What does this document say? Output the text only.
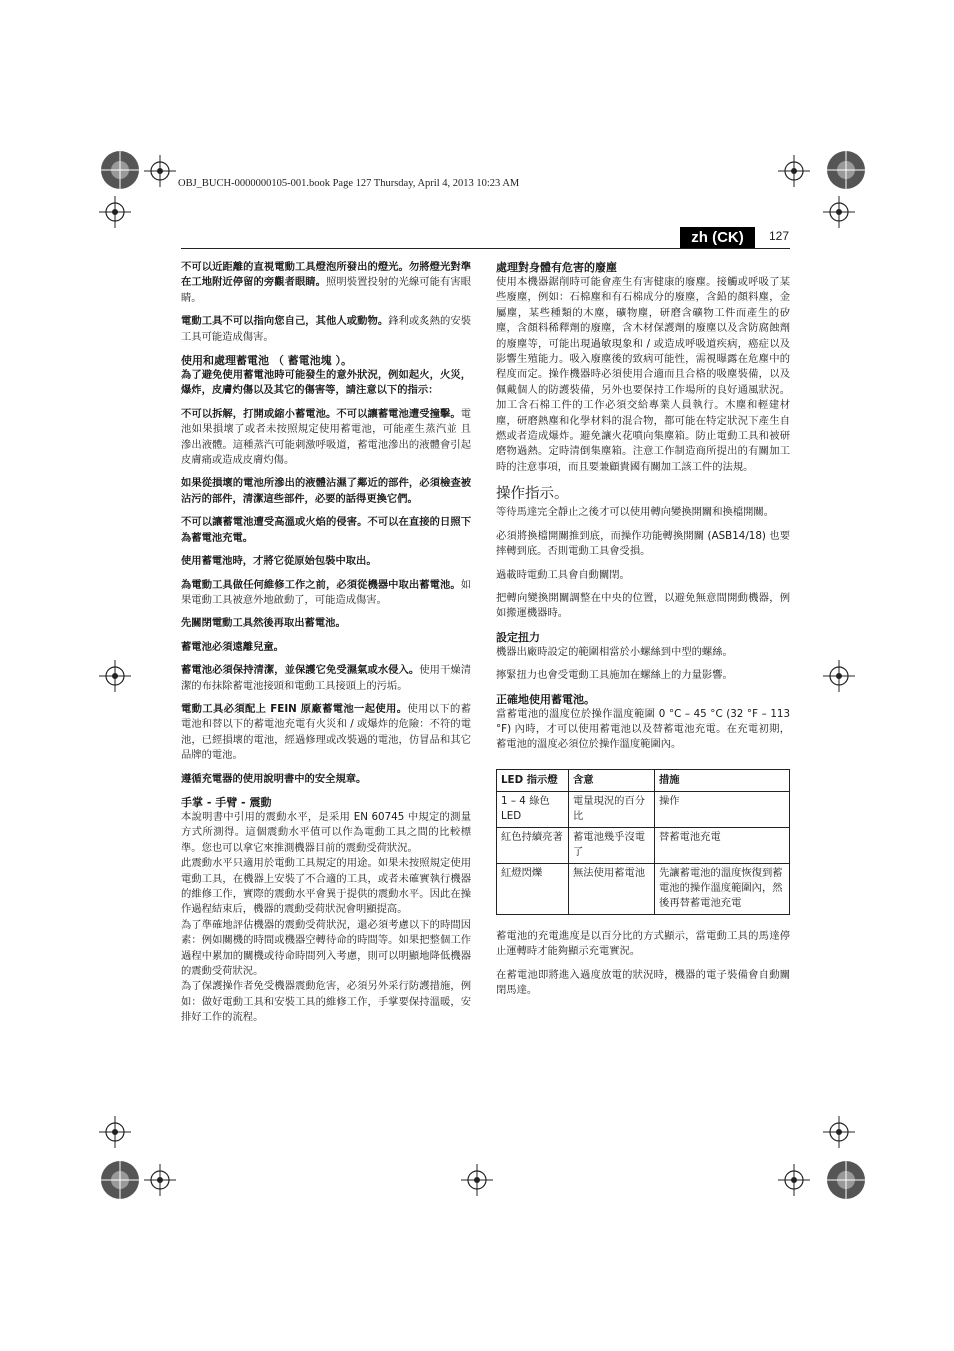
OBJ_BUCH-0000000105-001.book Page 127 Thursday, April 4, 2013 10:23 AM
zh (CK)	127

不可以近距離的直視電動工具燈泡所發出的燈光。勿將燈光對準在工地附近停留的旁觀者眼睛。照明裝置投射的光線可能有害眼睛。

電動工具不可以指向您自己，其他人或動物。鋒利或炙熱的安裝工具可能造成傷害。

使用和處理蓄電池 （ 蓄電池塊 ）。

為了避免使用蓄電池時可能發生的意外狀況，例如起火，火災，爆炸，皮膚灼傷以及其它的傷害等，請注意以下的指示：

不可以拆解，打開或縮小蓄電池。不可以讓蓄電池遭受撞擊。電池如果損壞了或者未按照規定使用蓄電池，可能產生蒸汽並 且滲出液體。這種蒸汽可能刺激呼吸道，蓄電池滲出的液體會引起皮膚痛或造成皮膚灼傷。

如果從損壞的電池所滲出的液體沾濕了鄰近的部件，必須檢查被沾污的部件，清潔這些部件，必要的話得更換它們。

不可以讓蓄電池遭受高溫或火焰的侵害。不可以在直接的日照下為蓄電池充電。

使用蓄電池時，才將它從原始包裝中取出。

為電動工具做任何維修工作之前，必須從機器中取出蓄電池。如果電動工具被意外地啟動了，可能造成傷害。

先關閉電動工具然後再取出蓄電池。

蓄電池必須遠離兒童。

蓄電池必須保持清潔，並保護它免受濕氣或水侵入。使用干燥清潔的布抹除蓄電池接頭和電動工具接頭上的污垢。

電動工具必須配上 FEIN 原廠蓄電池一起使用。使用以下的蓄電池和替以下的蓄電池充電有火災和 / 或爆炸的危險：不符的電池，已經損壞的電池，經過修理或改裝過的電池，仿冒品和其它品牌的電池。

遵循充電器的使用說明書中的安全規章。

手掌 - 手臂 - 震動

本說明書中引用的震動水平，是采用 EN 60745 中規定的測量方式所測得。這個震動水平值可以作為電動工具之間的比較標準。您也可以拿它來推測機器目前的震動受荷狀況。

此震動水平只適用於電動工具規定的用途。如果未按照規定使用電動工具，在機器上安裝了不合適的工具，或者未確實執行機器的維修工作，實際的震動水平會異于提供的震動水平。因此在操作過程結束后，機器的震動受荷狀況會明顯提高。

為了準確地評估機器的震動受荷狀況，還必須考慮以下的時間因素：例如關機的時間或機器空轉待命的時間等。如果把整個工作過程中累加的關機或待命時間列入考慮，則可以明顯地降低機器的震動受荷狀況。

為了保護操作者免受機器震動危害，必須另外采行防護措施，例如：做好電動工具和安裝工具的維修工作，手掌要保持溫暖，安排好工作的流程。

處理對身體有危害的廢塵

使用本機器鋸削時可能會產生有害健康的廢塵。接觸或呼吸了某些廢塵，例如：石棉塵和有石棉成分的廢塵，含鉛的顏料塵，金屬塵，某些種類的木塵，礦物塵，研磨含礦物工件而產生的矽塵，含顏料稀釋劑的廢塵，含木材保護劑的廢塵以及含防腐蝕劑的廢塵等，可能出現過敏現象和 / 或造成呼吸道疾病，癌症以及影響生殖能力。吸入廢塵後的致病可能性，需視曝露在危塵中的程度而定。操作機器時必須使用合適而且合格的吸塵裝備，以及佩戴個人的防護裝備，另外也要保持工作場所的良好通風狀況。加工含石棉工件的工作必須交給專業人員執行。木塵和輕建材塵，研磨熱塵和化學材料的混合物，都可能在特定狀況下產生自燃或者造成爆炸。避免讓火花噴向集塵箱。防止電動工具和被研磨物過熱。定時清倒集塵箱。注意工作制造商所提出的有關加工時的注意事項，而且要兼顧貴國有關加工該工件的法規。

操作指示。

等待馬達完全靜止之後才可以使用轉向變換開關和換檔開關。

必須將換檔開關推到底，而操作功能轉換開關 (ASB14/18) 也要摔轉到底。否則電動工具會受損。

過載時電動工具會自動關閉。

把轉向變換開關調整在中央的位置，以避免無意間開動機器，例如搬運機器時。

設定扭力

機器出廠時設定的範圍相當於小螺絲到中型的螺絲。

擰緊扭力也會受電動工具施加在螺絲上的力量影響。

正確地使用蓄電池。

當蓄電池的溫度位於操作溫度範圍 0 °C – 45 °C (32 °F – 113 °F) 內時，才可以使用蓄電池以及替蓄電池充電。在充電初期，蓄電池的溫度必須位於操作溫度範圍內。

LED 指示燈	含意	措施
1 – 4 綠色 LED	電量現況的百分比	操作
紅色持續亮著	蓄電池幾乎沒電了	替蓄電池充電
紅燈閃爍	無法使用蓄電池	先讓蓄電池的溫度恢復到蓄電池的操作溫度範圍內，然後再替蓄電池充電

蓄電池的充電進度是以百分比的方式顯示，當電動工具的馬達停止運轉時才能夠顯示充電實況。

在蓄電池即將進入過度放電的狀況時，機器的電子裝備會自動關閉馬達。
